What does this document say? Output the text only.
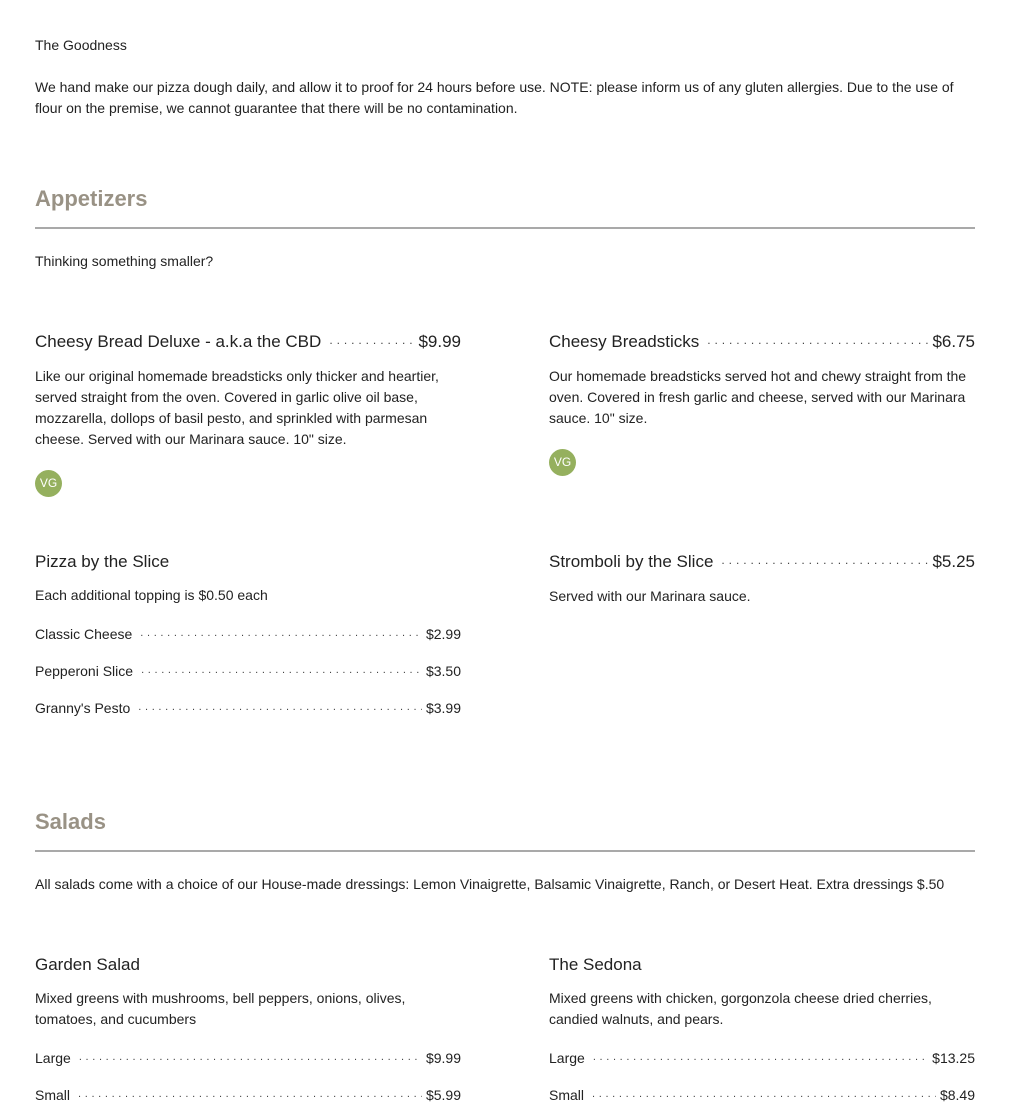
The Goodness
We hand make our pizza dough daily, and allow it to proof for 24 hours before use. NOTE: please inform us of any gluten allergies. Due to the use of flour on the premise, we cannot guarantee that there will be no contamination.
Appetizers
Thinking something smaller?
Cheesy Bread Deluxe - a.k.a the CBD . . .	$9.99
Like our original homemade breadsticks only thicker and heartier, served straight from the oven. Covered in garlic olive oil base, mozzarella, dollops of basil pesto, and sprinkled with parmesan cheese. Served with our Marinara sauce. 10" size.
VG
Cheesy Breadsticks . . .	$6.75
Our homemade breadsticks served hot and chewy straight from the oven. Covered in fresh garlic and cheese, served with our Marinara sauce. 10" size.
VG
Pizza by the Slice
Each additional topping is $0.50 each
Classic Cheese . . .	$2.99
Pepperoni Slice . . .	$3.50
Granny's Pesto . . .	$3.99
Stromboli by the Slice . . .	$5.25
Served with our Marinara sauce.
Salads
All salads come with a choice of our House-made dressings: Lemon Vinaigrette, Balsamic Vinaigrette, Ranch, or Desert Heat. Extra dressings $.50
Garden Salad
Mixed greens with mushrooms, bell peppers, onions, olives, tomatoes, and cucumbers
Large . . .	$9.99
Small . . .	$5.99
The Sedona
Mixed greens with chicken, gorgonzola cheese dried cherries, candied walnuts, and pears.
Large . . .	$13.25
Small . . .	$8.49
